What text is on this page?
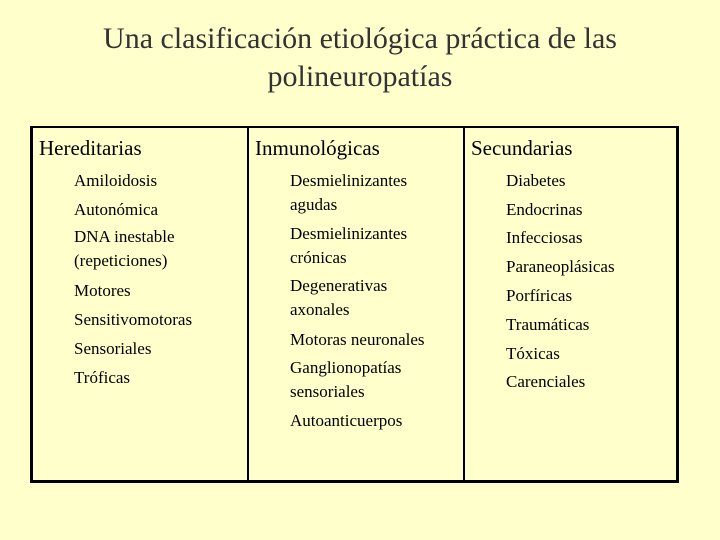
Una clasificación etiológica práctica de las polineuropatías
Hereditarias
Amiloidosis
Autonómica
DNA inestable
(repeticiones)
Motores
Sensitivomotoras
Sensoriales
Tróficas
Inmunológicas
Desmielinizantes
agudas
Desmielinizantes
crónicas
Degenerativas
axonales
Motoras neuronales
Ganglionopatías
sensoriales
Autoanticuerpos
Secundarias
Diabetes
Endocrinas
Infecciosas
Paraneoplásicas
Porfíricas
Traumáticas
Tóxicas
Carenciales
